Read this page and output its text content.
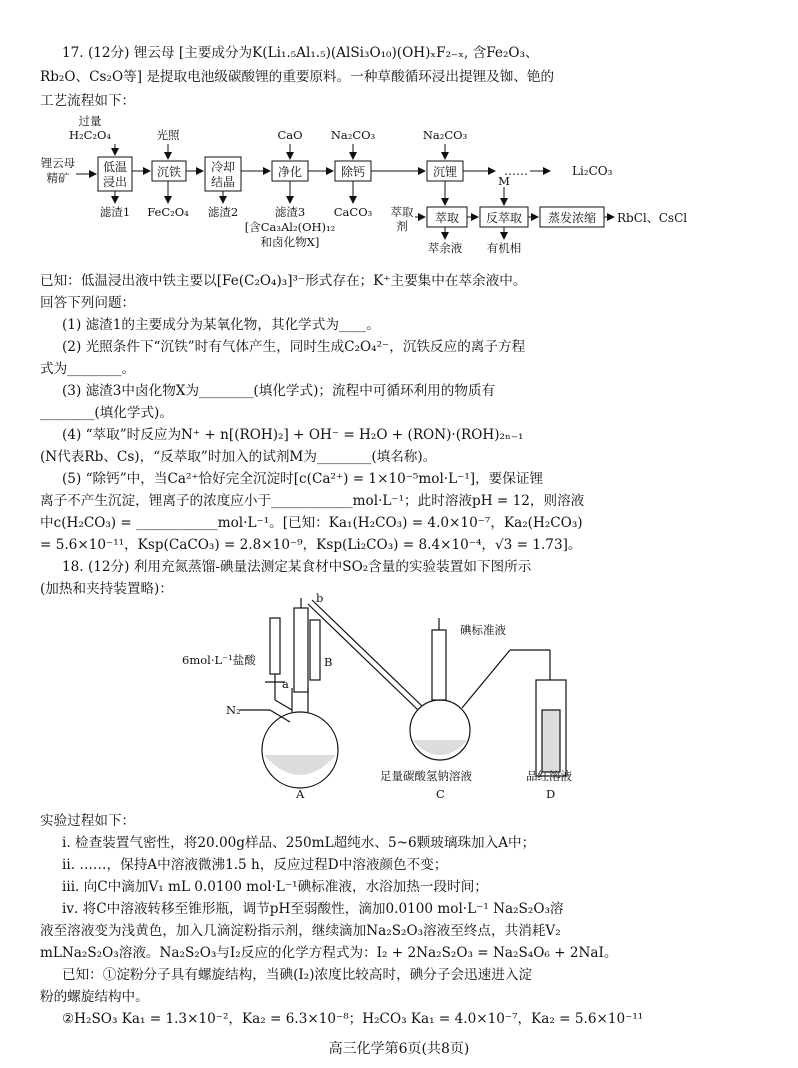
17. (12分) 锂云母 [主要成分为K(Li₁.₅Al₁.₅)(AlSi₃O₁₀)(OH)ₓF₂₋ₓ, 含Fe₂O₃、
Rb₂O、Cs₂O等] 是提取电池级碳酸锂的重要原料。一种草酸循环浸出提锂及铷、铯的
工艺流程如下：
过量
H₂C₂O₄	光照	CaO Na₂CO₃	Na₂CO₃
锂云母
精矿
低温
浸出
沉铁 冷却
结晶
净化	除钙	沉锂	……	Li₂CO₃
萃取 反萃取 蒸发浓缩 RbCl、CsCl
滤渣1 FeC₂O₄ 滤渣2	滤渣3
[含Ca₃Al₂(OH)₁₂
和卤化物X]
CaCO₃ 萃取
剂
M
萃余液 有机相
已知：低温浸出液中铁主要以[Fe(C₂O₄)₃]³⁻形式存在；K⁺主要集中在萃余液中。
回答下列问题：
(1) 滤渣1的主要成分为某氧化物，其化学式为____。
(2) 光照条件下“沉铁”时有气体产生，同时生成C₂O₄²⁻，沉铁反应的离子方程
式为________。
(3) 滤渣3中卤化物X为________(填化学式)；流程中可循环利用的物质有
________(填化学式)。
(4) “萃取”时反应为N⁺ + n[(ROH)₂] + OH⁻ = H₂O + (RON)·(ROH)₂ₙ₋₁
(N代表Rb、Cs)，“反萃取”时加入的试剂M为________(填名称)。
(5) “除钙”中，当Ca²⁺恰好完全沉淀时[c(Ca²⁺) = 1×10⁻⁵mol·L⁻¹]，要保证锂
离子不产生沉淀，锂离子的浓度应小于____________mol·L⁻¹；此时溶液pH = 12，则溶液
中c(H₂CO₃) = ____________mol·L⁻¹。[已知：Ka₁(H₂CO₃) = 4.0×10⁻⁷，Ka₂(H₂CO₃)
= 5.6×10⁻¹¹，Ksp(CaCO₃) = 2.8×10⁻⁹，Ksp(Li₂CO₃) = 8.4×10⁻⁴，√3 = 1.73]。
18. (12分) 利用充氮蒸馏-碘量法测定某食材中SO₂含量的实验装置如下图所示
(加热和夹持装置略)：
6mol·L⁻¹盐酸
N₂
a
b
B
A
碘标准液
足量碳酸氢钠溶液
C
品红溶液
D
实验过程如下：
ⅰ. 检查装置气密性，将20.00g样品、250mL超纯水、5~6颗玻璃珠加入A中；
ⅱ. ……，保持A中溶液微沸1.5 h，反应过程D中溶液颜色不变；
ⅲ. 向C中滴加V₁ mL 0.0100 mol·L⁻¹碘标准液，水浴加热一段时间；
ⅳ. 将C中溶液转移至锥形瓶，调节pH至弱酸性，滴加0.0100 mol·L⁻¹ Na₂S₂O₃溶
液至溶液变为浅黄色，加入几滴淀粉指示剂，继续滴加Na₂S₂O₃溶液至终点，共消耗V₂
mLNa₂S₂O₃溶液。Na₂S₂O₃与I₂反应的化学方程式为：I₂ + 2Na₂S₂O₃ = Na₂S₄O₆ + 2NaI。
已知：①淀粉分子具有螺旋结构，当碘(I₂)浓度比较高时，碘分子会迅速进入淀
粉的螺旋结构中。
②H₂SO₃ Ka₁ = 1.3×10⁻²，Ka₂ = 6.3×10⁻⁸；H₂CO₃ Ka₁ = 4.0×10⁻⁷，Ka₂ = 5.6×10⁻¹¹
高三化学第6页(共8页)
